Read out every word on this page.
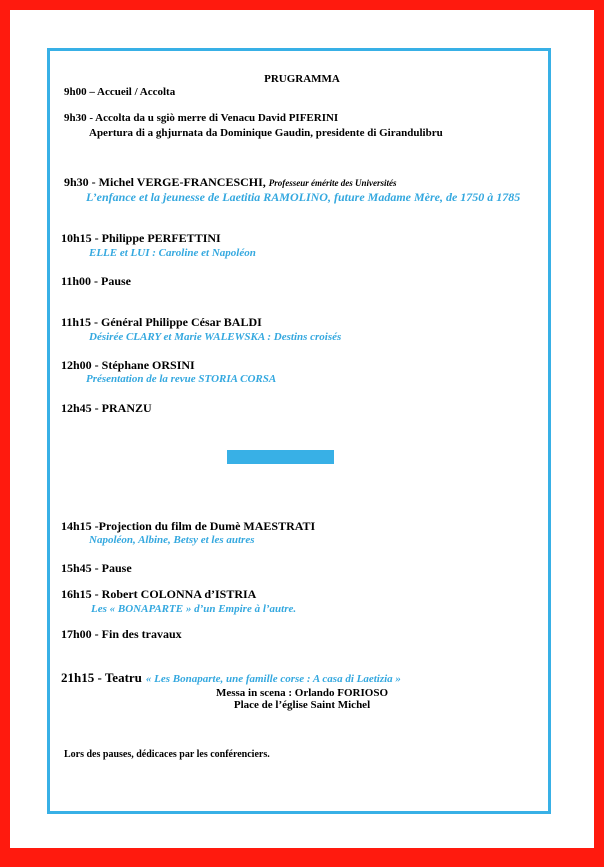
PRUGRAMMA
9h00 – Accueil / Accolta
9h30 - Accolta da u sgiò merre di Venacu David PIFERINI
Apertura di a ghjurnata da Dominique Gaudin, presidente di Girandulibru
9h30 - Michel VERGE-FRANCESCHI, Professeur émérite des Universités
L’enfance et la jeunesse de Laetitia RAMOLINO, future Madame Mère, de 1750 à 1785
10h15 - Philippe PERFETTINI
ELLE et LUI : Caroline et Napoléon
11h00 - Pause
11h15 - Général Philippe César BALDI
Désirée CLARY et Marie WALEWSKA : Destins croisés
12h00 - Stéphane ORSINI
Présentation de la revue STORIA CORSA
12h45 - PRANZU
14h15 -Projection du film de Dumè MAESTRATI
Napoléon, Albine, Betsy et les autres
15h45 - Pause
16h15 - Robert COLONNA d’ISTRIA
Les « BONAPARTE » d’un Empire à l’autre.
17h00 - Fin des travaux
21h15 - Teatru « Les Bonaparte, une famille corse : A casa di Laetizia »
Messa in scena : Orlando FORIOSO
Place de l’église Saint Michel
Lors des pauses, dédicaces par les conférenciers.
